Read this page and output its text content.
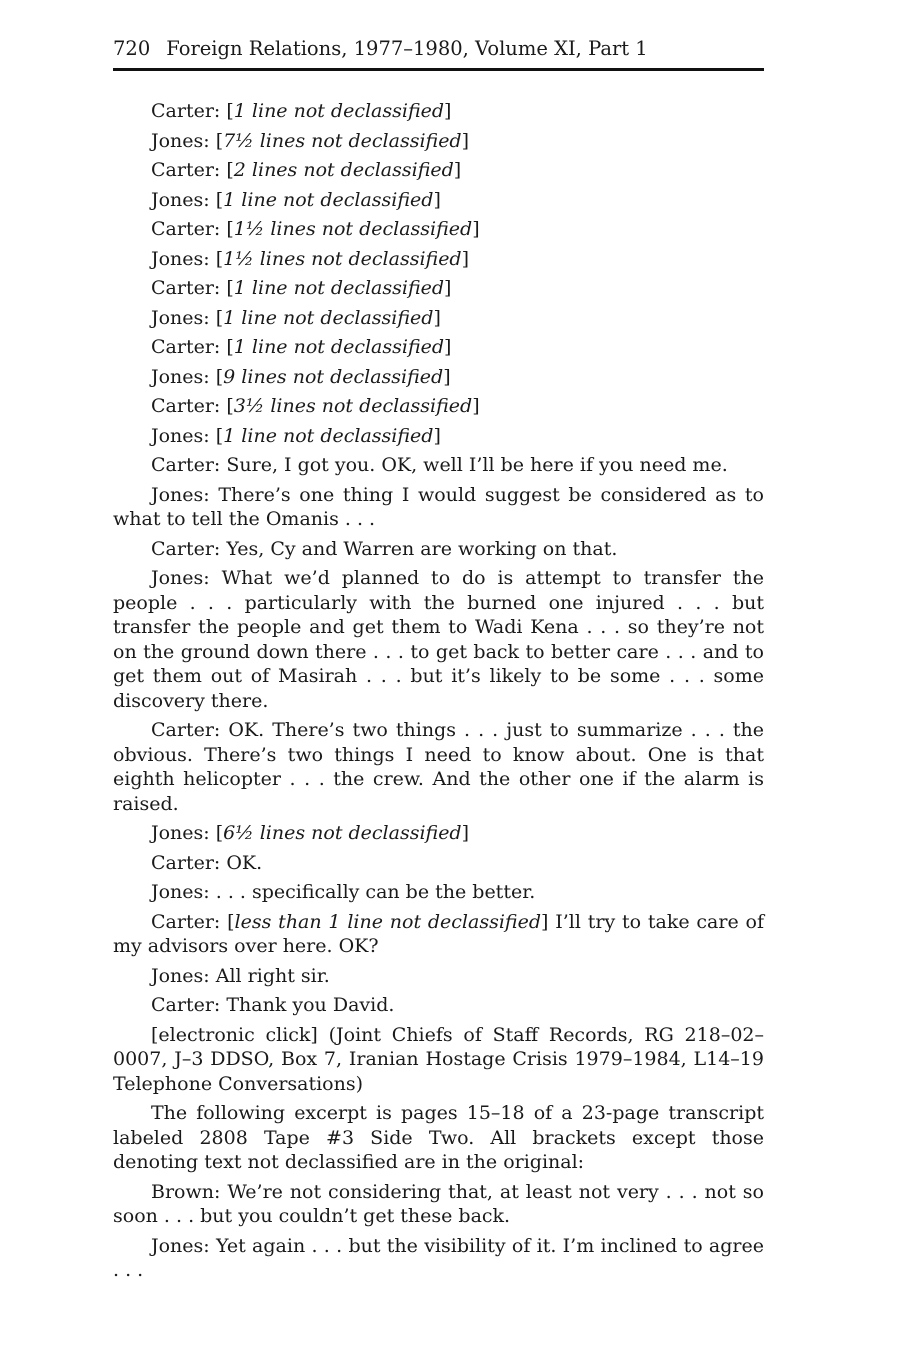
720 Foreign Relations, 1977–1980, Volume XI, Part 1

Carter: [1 line not declassified]

Jones: [7½ lines not declassified]

Carter: [2 lines not declassified]

Jones: [1 line not declassified]

Carter: [1½ lines not declassified]

Jones: [1½ lines not declassified]

Carter: [1 line not declassified]

Jones: [1 line not declassified]

Carter: [1 line not declassified]

Jones: [9 lines not declassified]

Carter: [3½ lines not declassified]

Jones: [1 line not declassified]

Carter: Sure, I got you. OK, well I’ll be here if you need me.

Jones: There’s one thing I would suggest be considered as to what to tell the Omanis . . .

Carter: Yes, Cy and Warren are working on that.

Jones: What we’d planned to do is attempt to transfer the people . . . particularly with the burned one injured . . . but transfer the people and get them to Wadi Kena . . . so they’re not on the ground down there . . . to get back to better care . . . and to get them out of Masirah . . . but it’s likely to be some . . . some discovery there.

Carter: OK. There’s two things . . . just to summarize . . . the obvious. There’s two things I need to know about. One is that eighth helicopter . . . the crew. And the other one if the alarm is raised.

Jones: [6½ lines not declassified]

Carter: OK.

Jones: . . . specifically can be the better.

Carter: [less than 1 line not declassified] I’ll try to take care of my advisors over here. OK?

Jones: All right sir.

Carter: Thank you David.

[electronic click] (Joint Chiefs of Staff Records, RG 218–02–0007, J–3 DDSO, Box 7, Iranian Hostage Crisis 1979–1984, L14–19 Telephone Conversations)

The following excerpt is pages 15–18 of a 23-page transcript labeled 2808 Tape #3 Side Two. All brackets except those denoting text not declassified are in the original:

Brown: We’re not considering that, at least not very . . . not so soon . . . but you couldn’t get these back.

Jones: Yet again . . . but the visibility of it. I’m inclined to agree . . .
